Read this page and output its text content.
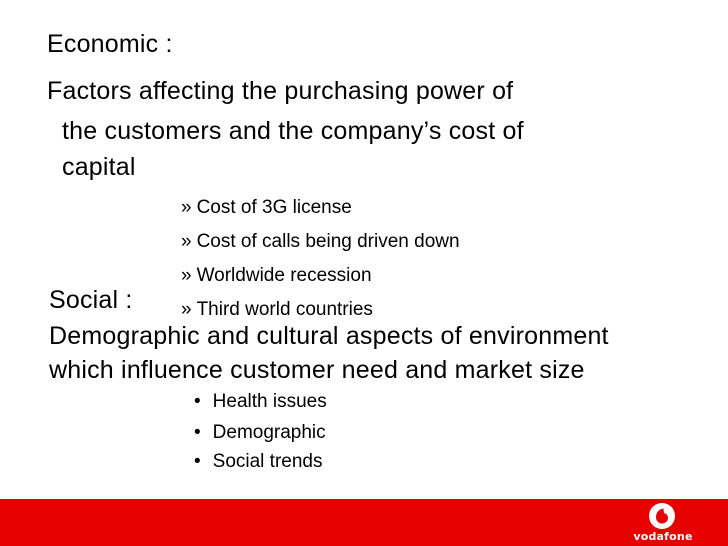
Economic :
Factors affecting the purchasing power of
the customers and the company’s cost of
capital
» Cost of 3G license
» Cost of calls being driven down
» Worldwide recession
» Third world countries
Social :
Demographic and cultural aspects of environment
which influence customer need and market size
• Health issues
• Demographic
• Social trends
vodafone
